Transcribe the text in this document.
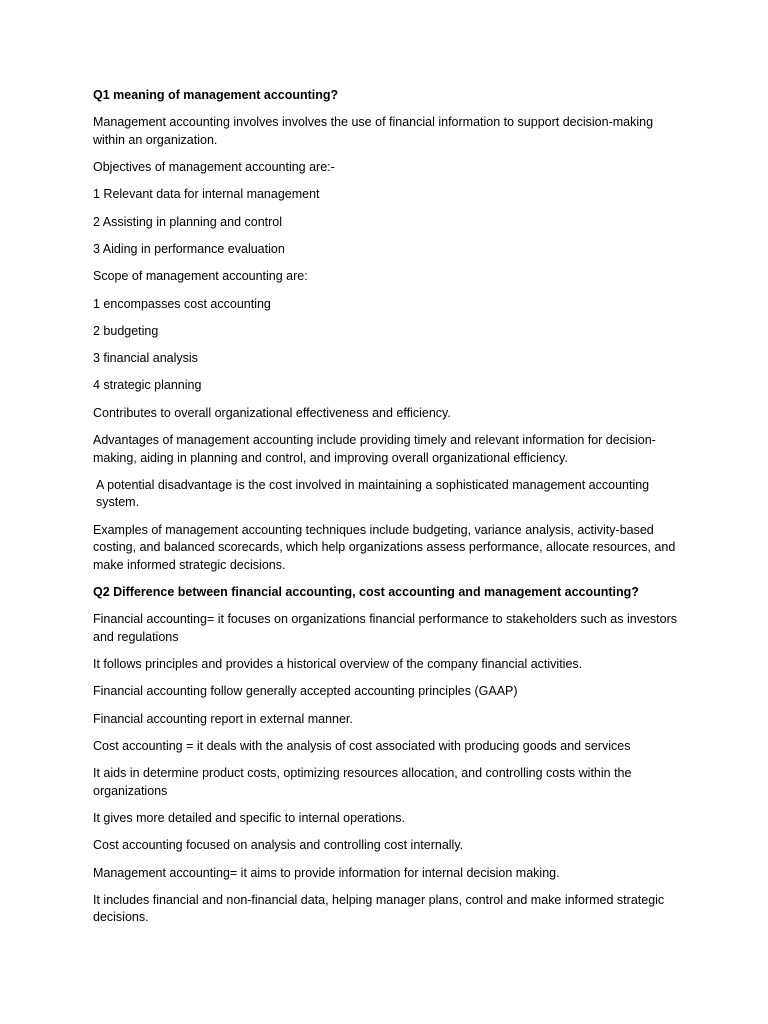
Q1 meaning of management accounting?

Management accounting involves involves the use of financial information to support decision-making within an organization.

Objectives of management accounting are:-

1 Relevant data for internal management

2 Assisting in planning and control

3 Aiding in performance evaluation

Scope of management accounting are:

1 encompasses cost accounting

2 budgeting

3 financial analysis

4 strategic planning

Contributes to overall organizational effectiveness and efficiency.

Advantages of management accounting include providing timely and relevant information for decision-making, aiding in planning and control, and improving overall organizational efficiency.

A potential disadvantage is the cost involved in maintaining a sophisticated management accounting system.

Examples of management accounting techniques include budgeting, variance analysis, activity-based costing, and balanced scorecards, which help organizations assess performance, allocate resources, and make informed strategic decisions.

Q2 Difference between financial accounting, cost accounting and management accounting?

Financial accounting= it focuses on organizations financial performance to stakeholders such as investors and regulations

It follows principles and provides a historical overview of the company financial activities.

Financial accounting follow generally accepted accounting principles (GAAP)

Financial accounting report in external manner.

Cost accounting = it deals with the analysis of cost associated with producing goods and services

It aids in determine product costs, optimizing resources allocation, and controlling costs within the organizations

It gives more detailed and specific to internal operations.

Cost accounting focused on analysis and controlling cost internally.

Management accounting= it aims to provide information for internal decision making.

It includes financial and non-financial data, helping manager plans, control and make informed strategic decisions.
